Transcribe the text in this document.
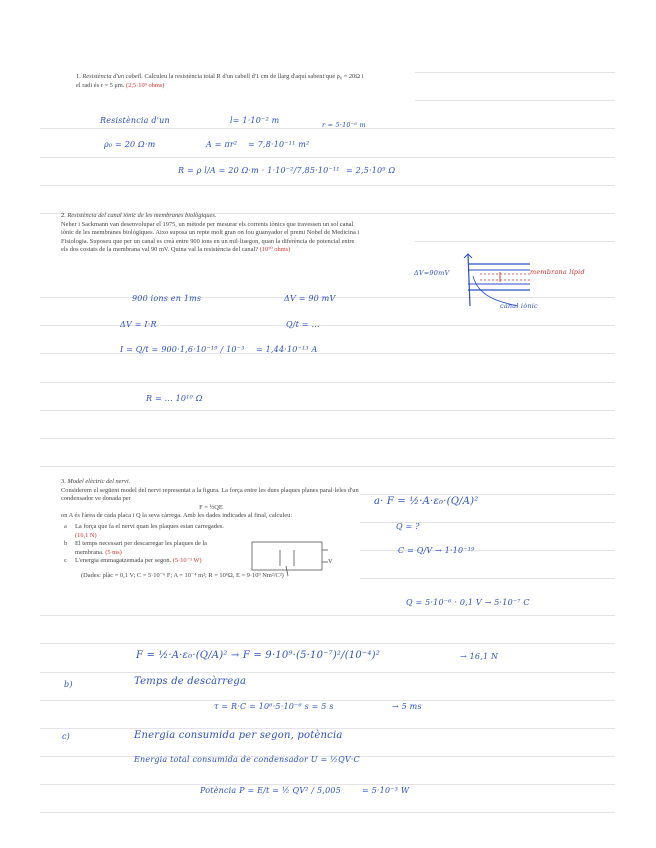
1. Resistència d'un cabell. Calculeu la resistència total R d'un cabell d'1 cm de llarg d'aquí sabent que ρ₀ = 20Ω i el radi és r = 5 μm. (2,5·10⁹ ohms)
Resistència d'un	l= 1·10⁻² m	r = 5·10⁻⁶ m
ρ₀ = 20 Ω·m	A = πr² = 7,8·10⁻¹¹ m²
R = ρ l/A = 20 Ω·m · 1·10⁻²/7,85·10⁻¹¹ = 2,5·10⁹ Ω
2. Resistència del canal iònic de les membranes biològiques.
Neher i Sackmann van desenvolupar el 1975, un mètode per mesurar els corrents iònics que travessen un sol canal iònic de les membranes biològiques. Aixo suposa un repte molt gran on fou guanyador el premi Nobel de Medicina i Fisiologia. Suposeu que per un canal es creà entre 900 ions en un mil·lisegon, quan la diferència de potencial entre els dos costats de la membrana val 90 mV. Quina val la resistència del canal? (10¹⁰ ohms)
ΔV=90mV	membrana lípid
canal iònic
900 ions en 1ms	ΔV = 90 mV
ΔV = I·R	Q/t = ...
I = Q/t = 900·1,6·10⁻¹⁹ / 10⁻³ = 1,44·10⁻¹³ A
R = ... 10¹⁰ Ω
3. Model elèctric del nervi.
Considerem el següent model del nervi representat a la figura. La força entre les dues plaques planes paral·leles d'un condensador ve donada per

F = ½QE
on A és l'àrea de cada placa i Q la seva càrrega. Amb les dades indicades al final, calculeu:
a La força que fa el nervi quan les plaques estan carregades. (16,1 N)
b El temps necessari per descarregar les plaques de la membrana. (5 ms)
c L'energia emmagatzemada per segon. (5·10⁻³ W)
(Dades: plàc = 0,1 V; C = 5·10⁻⁶ F; A = 10⁻⁴ m²; R = 10⁶Ω, E = 9·10⁹ Nm²/C²)
V
a· F = ½·A·ε₀·(Q/A)²
Q = ?
C = Q/V → 1·10⁻¹⁹
Q = 5·10⁻⁶ · 0,1 V → 5·10⁻⁷ C
F = ½·A·ε₀·(Q/A)² → F = 9·10⁹·(5·10⁻⁷)²/(10⁻⁴)²	→ 16,1 N
b)	Temps de descàrrega
τ = R·C = 10⁶·5·10⁻⁶ s = 5 s	→ 5 ms
c)	Energia consumida per segon, potència
Energia total consumida de condensador U = ½QV·C
Potència P = E/t = ½ QV² / 5,005	= 5·10⁻³ W
